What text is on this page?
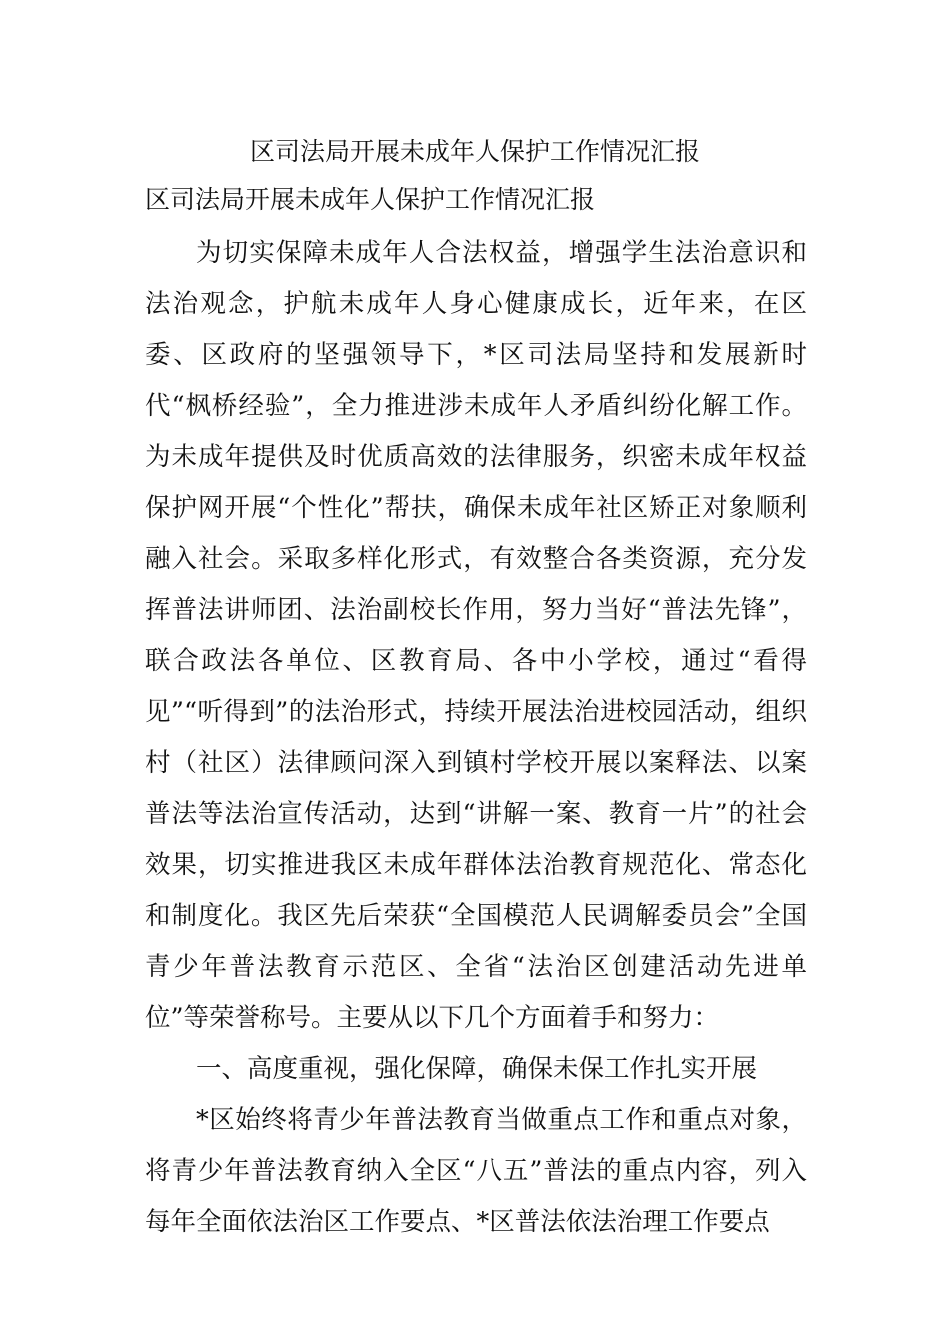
区司法局开展未成年人保护工作情况汇报
区司法局开展未成年人保护工作情况汇报

为切实保障未成年人合法权益，增强学生法治意识和法治观念，护航未成年人身心健康成长，近年来，在区委、区政府的坚强领导下，*区司法局坚持和发展新时代“枫桥经验”，全力推进涉未成年人矛盾纠纷化解工作。为未成年提供及时优质高效的法律服务，织密未成年权益保护网开展“个性化”帮扶，确保未成年社区矫正对象顺利融入社会。采取多样化形式，有效整合各类资源，充分发挥普法讲师团、法治副校长作用，努力当好“普法先锋”，联合政法各单位、区教育局、各中小学校，通过“看得见”“听得到”的法治形式，持续开展法治进校园活动，组织村（社区）法律顾问深入到镇村学校开展以案释法、以案普法等法治宣传活动，达到“讲解一案、教育一片”的社会效果，切实推进我区未成年群体法治教育规范化、常态化和制度化。我区先后荣获“全国模范人民调解委员会”全国青少年普法教育示范区、全省“法治区创建活动先进单位”等荣誉称号。主要从以下几个方面着手和努力：

一、高度重视，强化保障，确保未保工作扎实开展

*区始终将青少年普法教育当做重点工作和重点对象，将青少年普法教育纳入全区“八五”普法的重点内容，列入每年全面依法治区工作要点、*区普法依法治理工作要点
